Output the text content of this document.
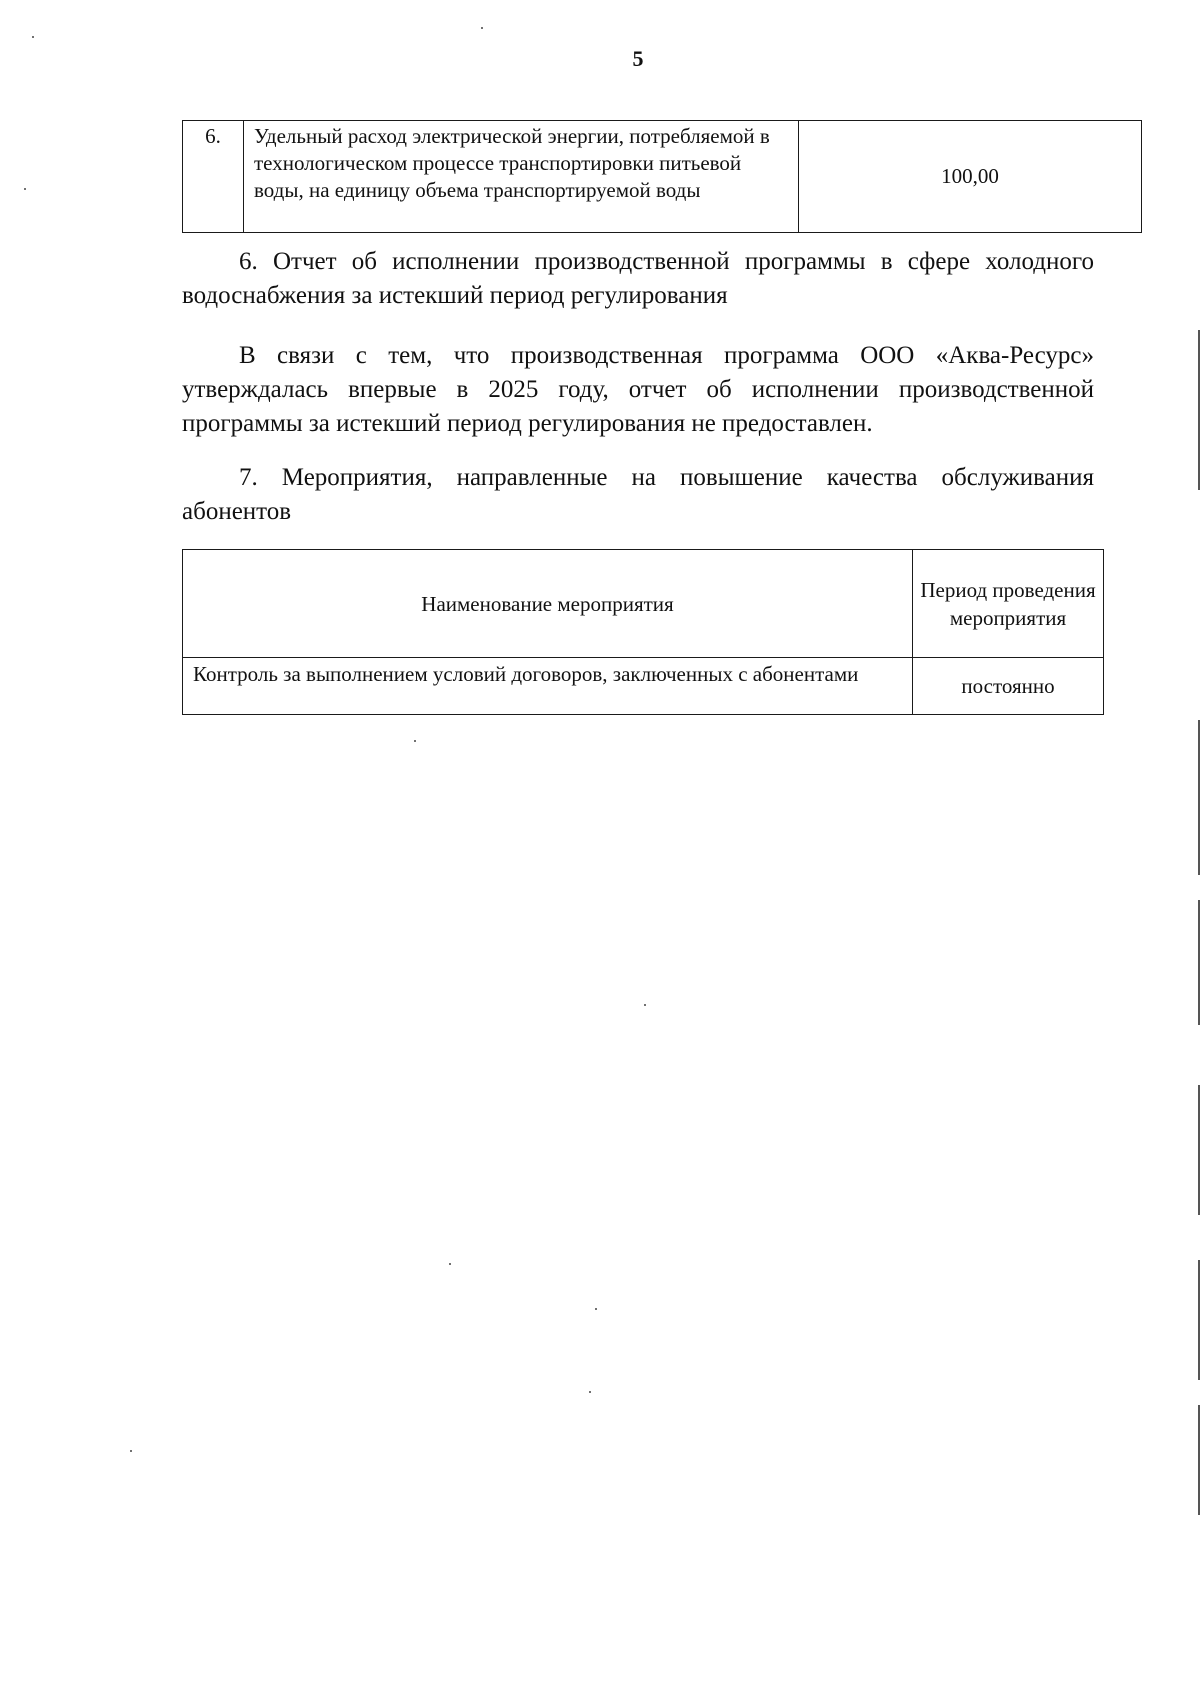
5
6.	Удельный расход электрической энергии, потребляемой в технологическом процессе транспортировки питьевой воды, на единицу объема транспортируемой воды	100,00

6. Отчет об исполнении производственной программы в сфере холодного водоснабжения за истекший период регулирования

В связи с тем, что производственная программа ООО «Аква-Ресурс» утверждалась впервые в 2025 году, отчет об исполнении производственной программы за истекший период регулирования не предоставлен.

7. Мероприятия, направленные на повышение качества обслуживания абонентов

Наименование мероприятия	Период проведения мероприятия
Контроль за выполнением условий договоров, заключенных с абонентами	постоянно
